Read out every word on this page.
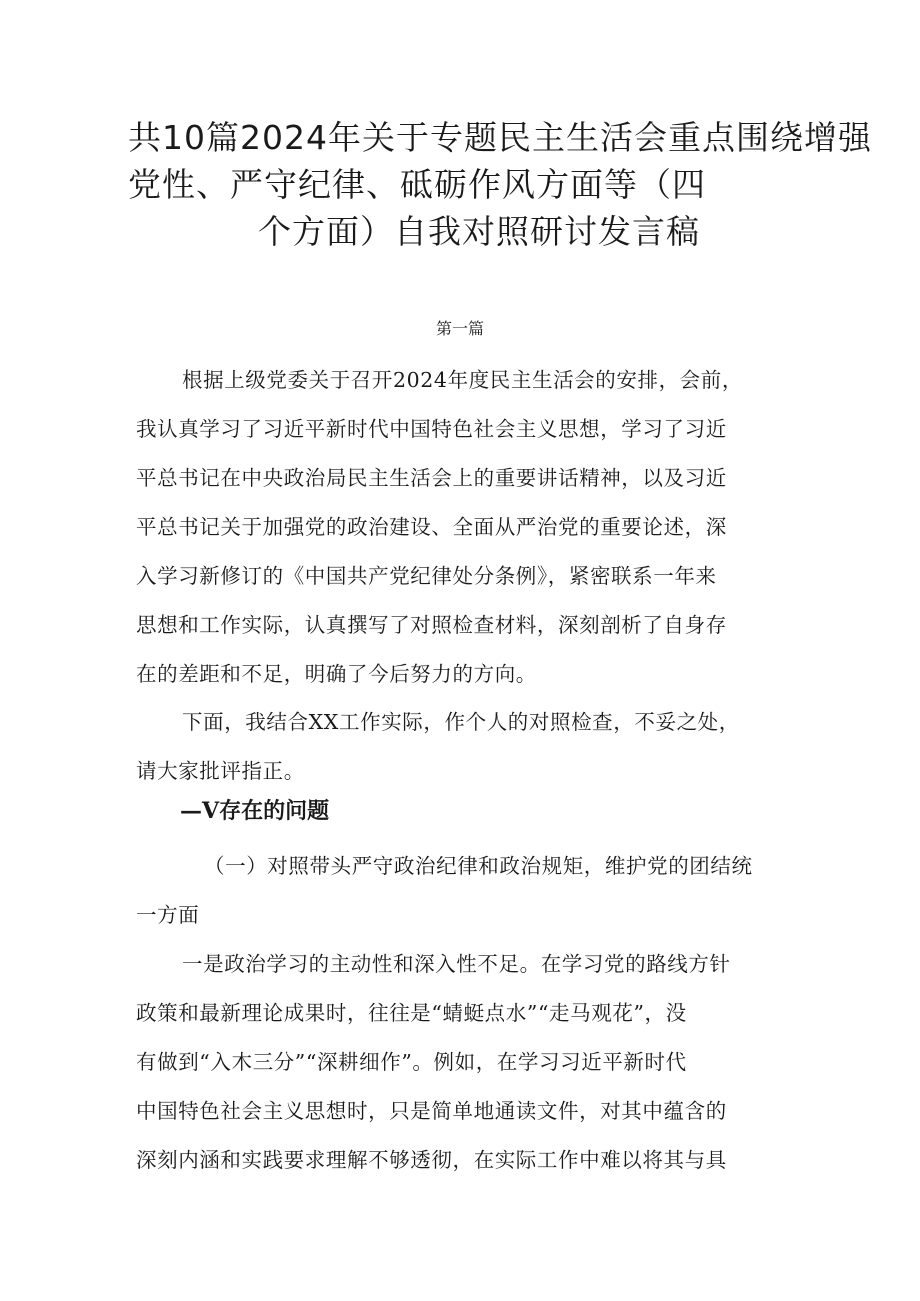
共10篇2024年关于专题民主生活会重点围绕增强
党性、严守纪律、砥砺作风方面等（四
个方面）自我对照研讨发言稿
第一篇

根据上级党委关于召开2024年度民主生活会的安排，会前，
我认真学习了习近平新时代中国特色社会主义思想，学习了习近
平总书记在中央政治局民主生活会上的重要讲话精神，以及习近
平总书记关于加强党的政治建设、全面从严治党的重要论述，深
入学习新修订的《中国共产党纪律处分条例》，紧密联系一年来
思想和工作实际，认真撰写了对照检查材料，深刻剖析了自身存
在的差距和不足，明确了今后努力的方向。

下面，我结合XX工作实际，作个人的对照检查，不妥之处，
请大家批评指正。

—V存在的问题

（一）对照带头严守政治纪律和政治规矩，维护党的团结统
一方面

一是政治学习的主动性和深入性不足。在学习党的路线方针
政策和最新理论成果时，往往是“蜻蜓点水”“走马观花”，没
有做到“入木三分”“深耕细作”。例如，在学习习近平新时代
中国特色社会主义思想时，只是简单地通读文件，对其中蕴含的
深刻内涵和实践要求理解不够透彻，在实际工作中难以将其与具
